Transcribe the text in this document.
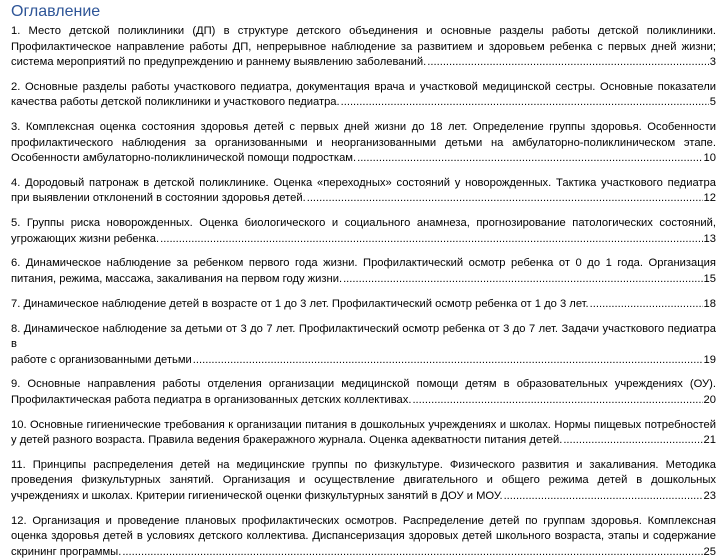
Оглавление
1. Место детской поликлиники (ДП) в структуре детского объединения и основные разделы работы детской поликлиники.
Профилактическое направление работы ДП, непрерывное наблюдение за развитием и здоровьем ребенка с первых дней жизни;
система мероприятий по предупреждению и раннему выявлению заболеваний. .....	3
2. Основные разделы работы участкового педиатра, документация врача и участковой медицинской сестры. Основные показатели
качества работы детской поликлиники и участкового педиатра. .....	5
3. Комплексная оценка состояния здоровья детей с первых дней жизни до 18 лет. Определение группы здоровья. Особенности
профилактического наблюдения за организованными и неорганизованными детьми на амбулаторно-поликлиническом этапе.
Особенности амбулаторно-поликлинической помощи подросткам. .....	10
4. Дородовый патронаж в детской поликлинике. Оценка «переходных» состояний у новорожденных. Тактика участкового педиатра
при выявлении отклонений в состоянии здоровья детей. .....	12
5. Группы риска новорожденных. Оценка биологического и социального анамнеза, прогнозирование патологических состояний,
угрожающих жизни ребенка. .....	13
6. Динамическое наблюдение за ребенком первого года жизни. Профилактический осмотр ребенка от 0 до 1 года. Организация
питания, режима, массажа, закаливания на первом году жизни. .....	15
7. Динамическое наблюдение детей в возрасте от 1 до 3 лет. Профилактический осмотр ребенка от 1 до 3 лет. .....	18
8. Динамическое наблюдение за детьми от 3 до 7 лет. Профилактический осмотр ребенка от 3 до 7 лет. Задачи участкового педиатра в
работе с организованными детьми .....	19
9. Основные направления работы отделения организации медицинской помощи детям в образовательных учреждениях (ОУ).
Профилактическая работа педиатра в организованных детских коллективах. .....	20
10. Основные гигиенические требования к организации питания в дошкольных учреждениях и школах. Нормы пищевых потребностей
у детей разного возраста. Правила ведения бракеражного журнала. Оценка адекватности питания детей. .....	21
11. Принципы распределения детей на медицинские группы по физкультуре. Физического развития и закаливания. Методика
проведения физкультурных занятий. Организация и осуществление двигательного и общего режима детей в дошкольных
учреждениях и школах. Критерии гигиенической оценки физкультурных занятий в ДОУ и МОУ. .....	23
12. Организация и проведение плановых профилактических осмотров. Распределение детей по группам здоровья. Комплексная
оценка здоровья детей в условиях детского коллектива. Диспансеризация здоровых детей школьного возраста, этапы и содержание
скрининг программы. .....	25
